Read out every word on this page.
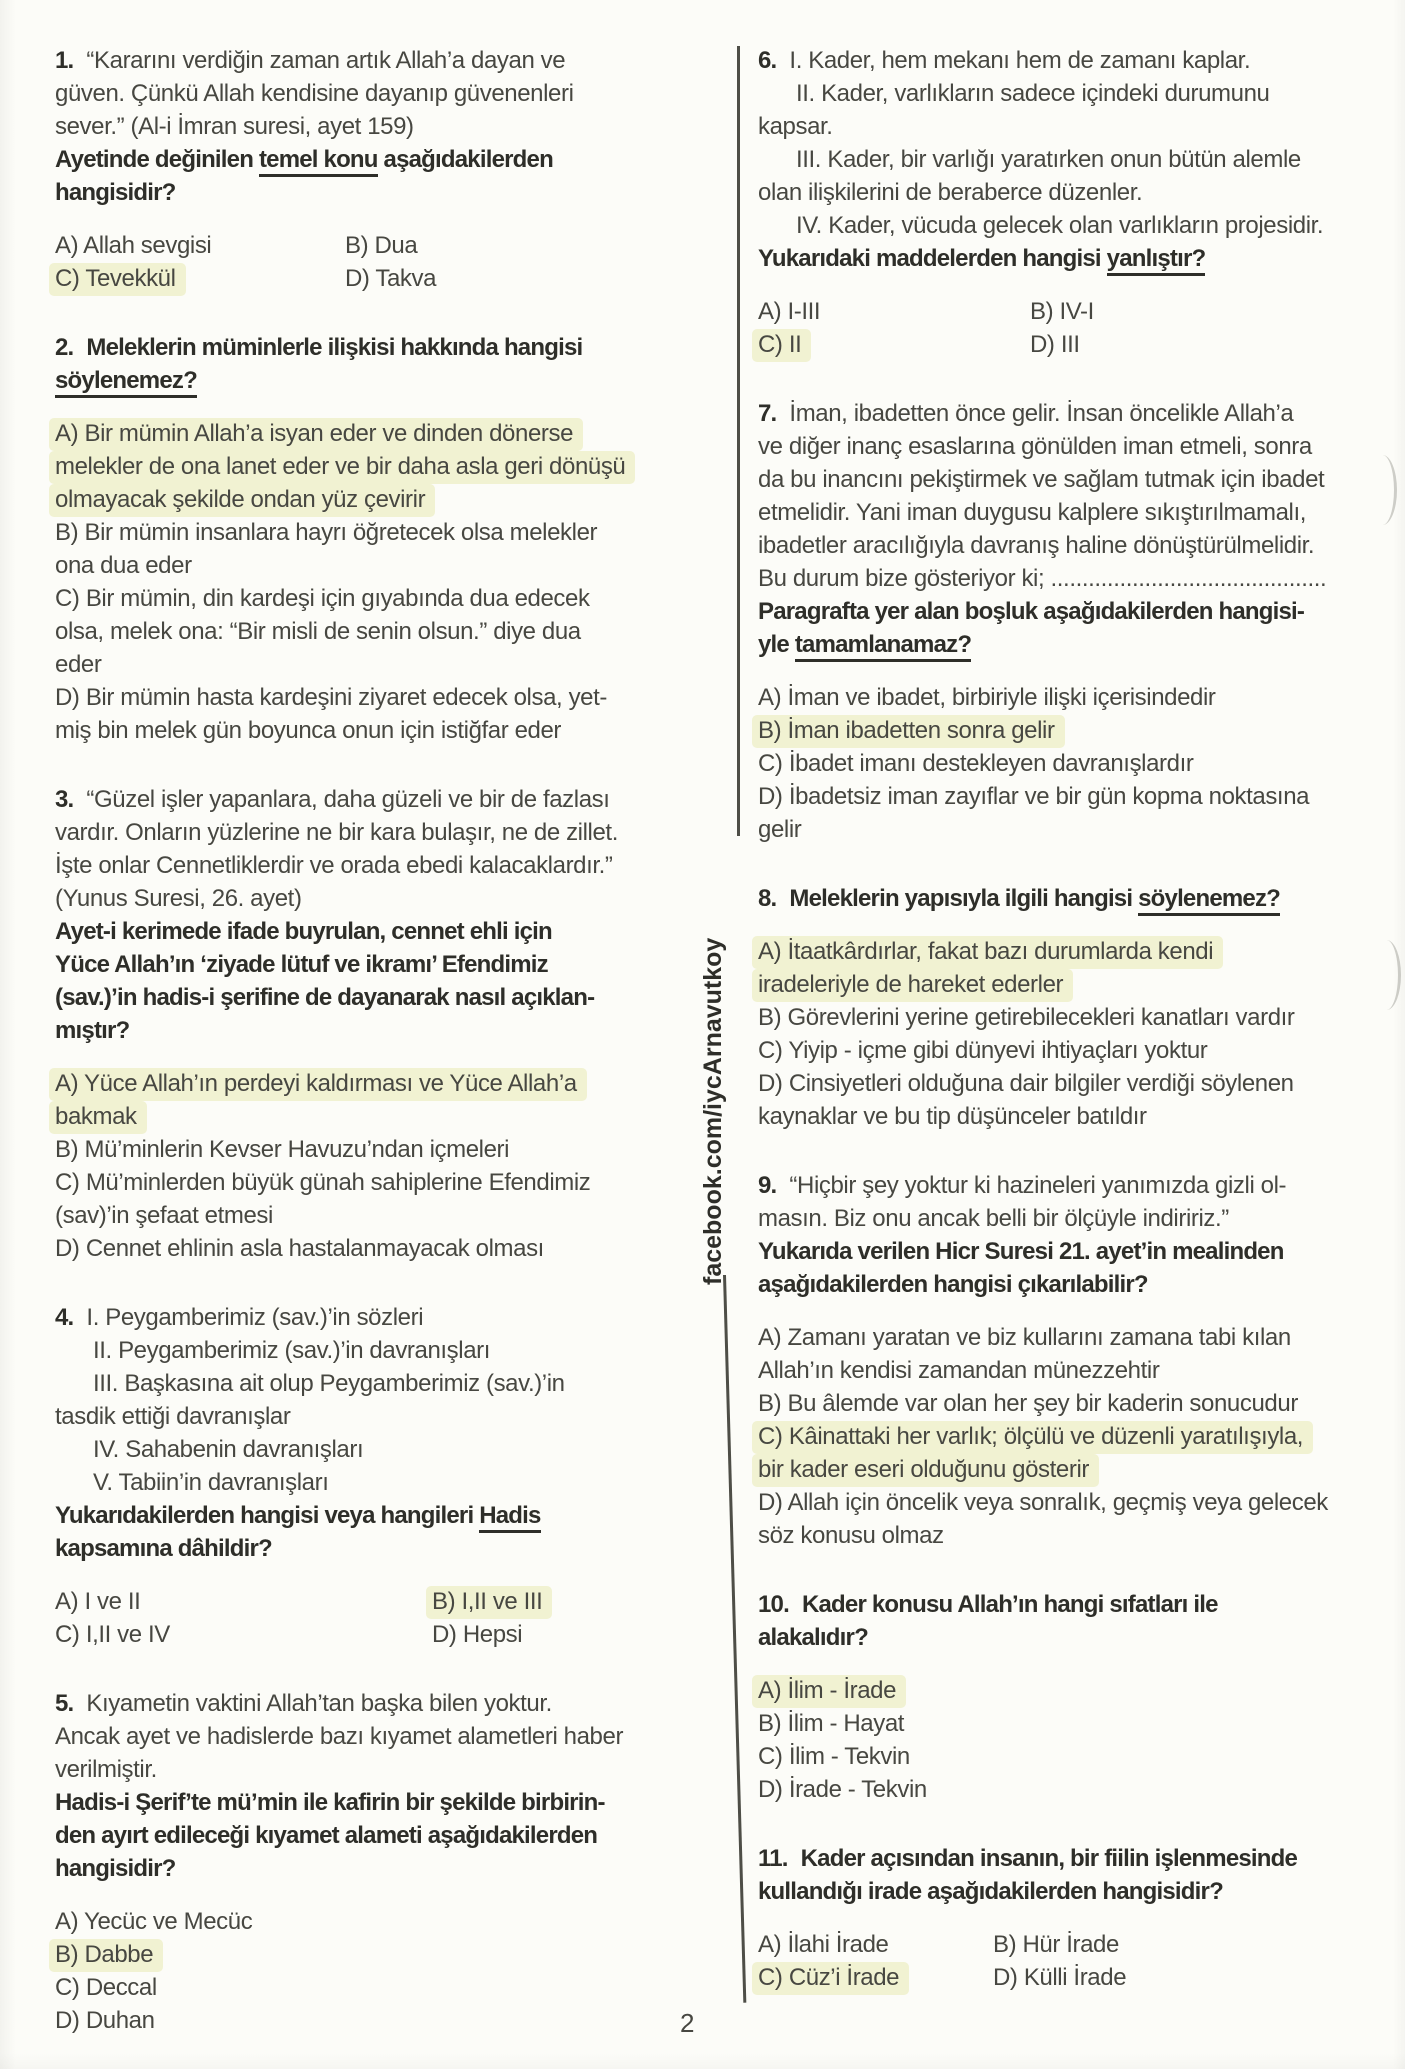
1. “Kararını verdiğin zaman artık Allah’a dayan ve
güven. Çünkü Allah kendisine dayanıp güvenenleri
sever.” (Al-i İmran suresi, ayet 159)
Ayetinde değinilen temel konu aşağıdakilerden
hangisidir?
A) Allah sevgisi	B) Dua
C) Tevekkül	D) Takva
2. Meleklerin müminlerle ilişkisi hakkında hangisi
söylenemez?
A) Bir mümin Allah’a isyan eder ve dinden dönerse
melekler de ona lanet eder ve bir daha asla geri dönüşü
olmayacak şekilde ondan yüz çevirir
B) Bir mümin insanlara hayrı öğretecek olsa melekler
ona dua eder
C) Bir mümin, din kardeşi için gıyabında dua edecek
olsa, melek ona: “Bir misli de senin olsun.” diye dua
eder
D) Bir mümin hasta kardeşini ziyaret edecek olsa, yet-
miş bin melek gün boyunca onun için istiğfar eder
3. “Güzel işler yapanlara, daha güzeli ve bir de fazlası
vardır. Onların yüzlerine ne bir kara bulaşır, ne de zillet.
İşte onlar Cennetliklerdir ve orada ebedi kalacaklardır.”
(Yunus Suresi, 26. ayet)
Ayet-i kerimede ifade buyrulan, cennet ehli için
Yüce Allah’ın ‘ziyade lütuf ve ikramı’ Efendimiz
(sav.)’in hadis-i şerifine de dayanarak nasıl açıklan-
mıştır?
A) Yüce Allah’ın perdeyi kaldırması ve Yüce Allah’a
bakmak
B) Mü’minlerin Kevser Havuzu’ndan içmeleri
C) Mü’minlerden büyük günah sahiplerine Efendimiz
(sav)’in şefaat etmesi
D) Cennet ehlinin asla hastalanmayacak olması
4. I. Peygamberimiz (sav.)’in sözleri
II. Peygamberimiz (sav.)’in davranışları
III. Başkasına ait olup Peygamberimiz (sav.)’in
tasdik ettiği davranışlar
IV. Sahabenin davranışları
V. Tabiin’in davranışları
Yukarıdakilerden hangisi veya hangileri Hadis
kapsamına dâhildir?
A) I ve II	B) I,II ve III
C) I,II ve IV	D) Hepsi
5. Kıyametin vaktini Allah’tan başka bilen yoktur.
Ancak ayet ve hadislerde bazı kıyamet alametleri haber
verilmiştir.
Hadis-i Şerif’te mü’min ile kafirin bir şekilde birbirin-
den ayırt edileceği kıyamet alameti aşağıdakilerden
hangisidir?
A) Yecüc ve Mecüc
B) Dabbe
C) Deccal
D) Duhan
6. I. Kader, hem mekanı hem de zamanı kaplar.
II. Kader, varlıkların sadece içindeki durumunu
kapsar.
III. Kader, bir varlığı yaratırken onun bütün alemle
olan ilişkilerini de beraberce düzenler.
IV. Kader, vücuda gelecek olan varlıkların projesidir.
Yukarıdaki maddelerden hangisi yanlıştır?
A) I-III	B) IV-I
C) II	D) III
7. İman, ibadetten önce gelir. İnsan öncelikle Allah’a
ve diğer inanç esaslarına gönülden iman etmeli, sonra
da bu inancını pekiştirmek ve sağlam tutmak için ibadet
etmelidir. Yani iman duygusu kalplere sıkıştırılmamalı,
ibadetler aracılığıyla davranış haline dönüştürülmelidir.
Bu durum bize gösteriyor ki; ............................................
Paragrafta yer alan boşluk aşağıdakilerden hangisi-
yle tamamlanamaz?
A) İman ve ibadet, birbiriyle ilişki içerisindedir
B) İman ibadetten sonra gelir
C) İbadet imanı destekleyen davranışlardır
D) İbadetsiz iman zayıflar ve bir gün kopma noktasına
gelir
8. Meleklerin yapısıyla ilgili hangisi söylenemez?
A) İtaatkârdırlar, fakat bazı durumlarda kendi
iradeleriyle de hareket ederler
B) Görevlerini yerine getirebilecekleri kanatları vardır
C) Yiyip - içme gibi dünyevi ihtiyaçları yoktur
D) Cinsiyetleri olduğuna dair bilgiler verdiği söylenen
kaynaklar ve bu tip düşünceler batıldır
9. “Hiçbir şey yoktur ki hazineleri yanımızda gizli ol-
masın. Biz onu ancak belli bir ölçüyle indiririz.”
Yukarıda verilen Hicr Suresi 21. ayet’in mealinden
aşağıdakilerden hangisi çıkarılabilir?
A) Zamanı yaratan ve biz kullarını zamana tabi kılan
Allah’ın kendisi zamandan münezzehtir
B) Bu âlemde var olan her şey bir kaderin sonucudur
C) Kâinattaki her varlık; ölçülü ve düzenli yaratılışıyla,
bir kader eseri olduğunu gösterir
D) Allah için öncelik veya sonralık, geçmiş veya gelecek
söz konusu olmaz
10. Kader konusu Allah’ın hangi sıfatları ile
alakalıdır?
A) İlim - İrade
B) İlim - Hayat
C) İlim - Tekvin
D) İrade - Tekvin
11. Kader açısından insanın, bir fiilin işlenmesinde
kullandığı irade aşağıdakilerden hangisidir?
A) İlahi İrade	B) Hür İrade
C) Cüz’i İrade	D) Külli İrade
facebook.com/iycArnavutkoy
2
